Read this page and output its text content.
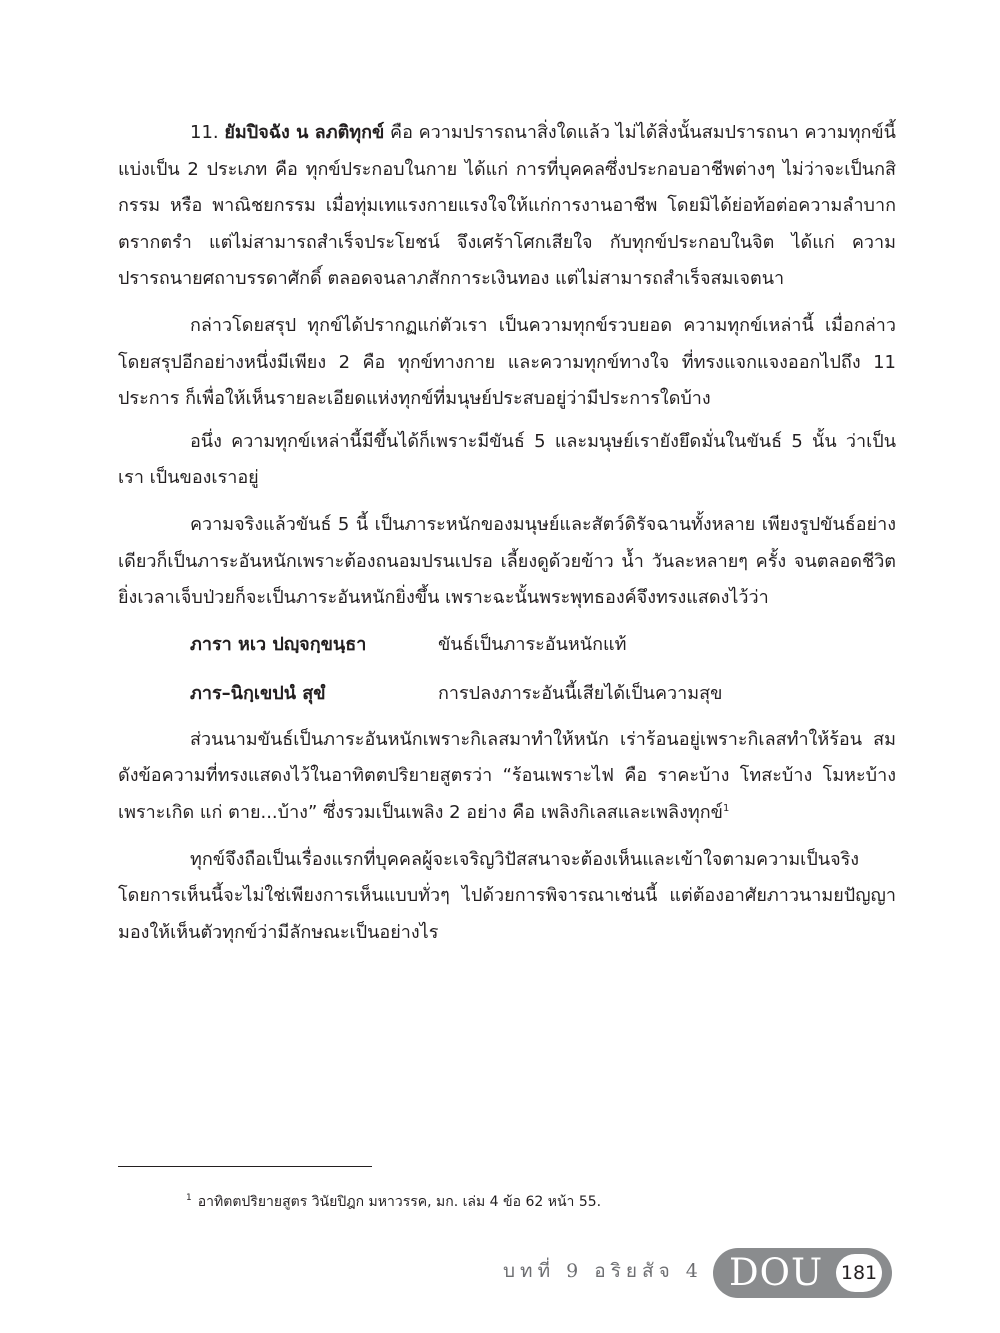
11. ยัมปิจฉัง น ลภติทุกข์ คือ ความปรารถนาสิ่งใดแล้ว ไม่ได้สิ่งนั้นสมปรารถนา ความทุกข์นี้แบ่งเป็น 2 ประเภท คือ ทุกข์ประกอบในกาย ได้แก่ การที่บุคคลซึ่งประกอบอาชีพต่างๆ ไม่ว่าจะเป็นกสิกรรม หรือ พาณิชยกรรม เมื่อทุ่มเทแรงกายแรงใจให้แก่การงานอาชีพ โดยมิได้ย่อท้อต่อความลำบากตรากตรำ แต่ไม่สามารถสำเร็จประโยชน์ จึงเศร้าโศกเสียใจ กับทุกข์ประกอบในจิต ได้แก่ ความปรารถนายศถาบรรดาศักดิ์ ตลอดจนลาภสักการะเงินทอง แต่ไม่สามารถสำเร็จสมเจตนา

กล่าวโดยสรุป ทุกข์ได้ปรากฏแก่ตัวเรา เป็นความทุกข์รวบยอด ความทุกข์เหล่านี้ เมื่อกล่าวโดยสรุปอีกอย่างหนึ่งมีเพียง 2 คือ ทุกข์ทางกาย และความทุกข์ทางใจ ที่ทรงแจกแจงออกไปถึง 11 ประการ ก็เพื่อให้เห็นรายละเอียดแห่งทุกข์ที่มนุษย์ประสบอยู่ว่ามีประการใดบ้าง

อนึ่ง ความทุกข์เหล่านี้มีขึ้นได้ก็เพราะมีขันธ์ 5 และมนุษย์เรายังยึดมั่นในขันธ์ 5 นั้น ว่าเป็นเรา เป็นของเราอยู่

ความจริงแล้วขันธ์ 5 นี้ เป็นภาระหนักของมนุษย์และสัตว์ดิรัจฉานทั้งหลาย เพียงรูปขันธ์อย่างเดียวก็เป็นภาระอันหนักเพราะต้องถนอมปรนเปรอ เลี้ยงดูด้วยข้าว น้ำ วันละหลายๆ ครั้ง จนตลอดชีวิต ยิ่งเวลาเจ็บป่วยก็จะเป็นภาระอันหนักยิ่งขึ้น เพราะฉะนั้นพระพุทธองค์จึงทรงแสดงไว้ว่า

ภารา หเว ปญฺจกฺขนฺธา	ขันธ์เป็นภาระอันหนักแท้
ภาร–นิกฺเขปนํ สุขํ	การปลงภาระอันนี้เสียได้เป็นความสุข

ส่วนนามขันธ์เป็นภาระอันหนักเพราะกิเลสมาทำให้หนัก เร่าร้อนอยู่เพราะกิเลสทำให้ร้อน สมดังข้อความที่ทรงแสดงไว้ในอาทิตตปริยายสูตรว่า “ร้อนเพราะไฟ คือ ราคะบ้าง โทสะบ้าง โมหะบ้าง เพราะเกิด แก่ ตาย...บ้าง” ซึ่งรวมเป็นเพลิง 2 อย่าง คือ เพลิงกิเลสและเพลิงทุกข์$^1$

ทุกข์จึงถือเป็นเรื่องแรกที่บุคคลผู้จะเจริญวิปัสสนาจะต้องเห็นและเข้าใจตามความเป็นจริง โดยการเห็นนี้จะไม่ใช่เพียงการเห็นแบบทั่วๆ ไปด้วยการพิจารณาเช่นนี้ แต่ต้องอาศัยภาวนามยปัญญามองให้เห็นตัวทุกข์ว่ามีลักษณะเป็นอย่างไร

$^1$ อาทิตตปริยายสูตร วินัยปิฎก มหาวรรค, มก. เล่ม 4 ข้อ 62 หน้า 55.
บทที่ 9 อริยสัจ 4 DOU 181
